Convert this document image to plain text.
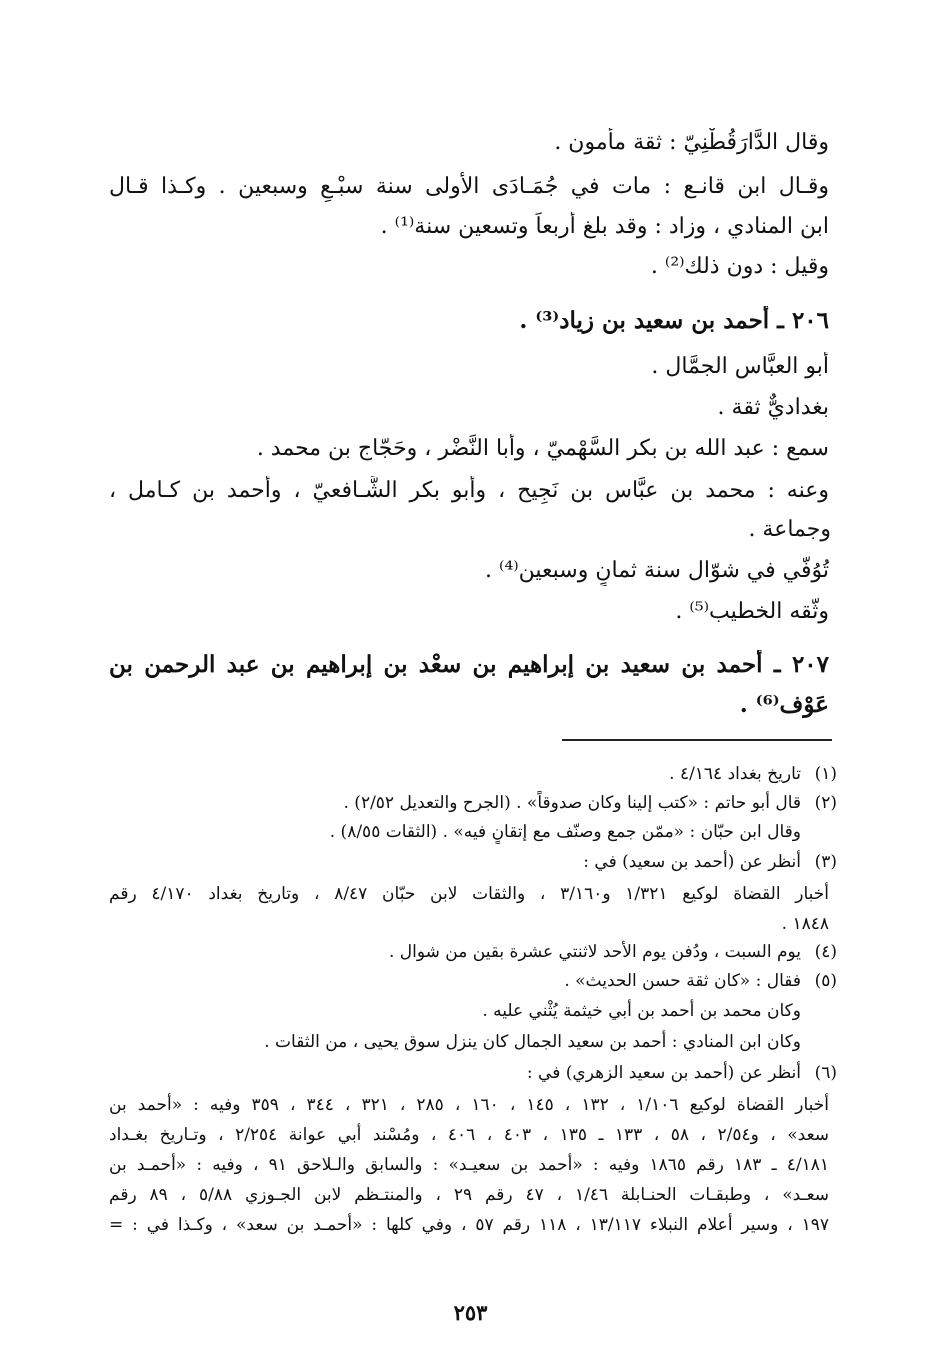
وقال الدَّارَقُطْنِيّ : ثقة مأمون .
وقـال ابن قانـع : مات في جُمَـادَى الأولى سنة سبْـعٍ وسبعين . وكـذا قـال
ابن المنادي ، وزاد : وقد بلغ أربعاً وتسعين سنة⁽¹⁾ .
وقيل : دون ذلك⁽²⁾ .
٢٠٦ ـ أحمد بن سعيد بن زياد⁽³⁾ .
أبو العبَّاس الجمَّال .
بغداديٌّ ثقة .
سمع : عبد الله بن بكر السَّهْميّ ، وأبا النَّضْر ، وحَجّاج بن محمد .
وعنه : محمد بن عبَّاس بن نَجِيح ، وأبو بكر الشَّـافعيّ ، وأحمد بن كـامل ،
وجماعة .
تُوُفّي في شوّال سنة ثمانٍ وسبعين⁽⁴⁾ .
وثّقه الخطيب⁽⁵⁾ .
٢٠٧ ـ أحمد بن سعيد بن إبراهيم بن سعْد بن إبراهيم بن عبد الرحمن بن
عَوْف⁽⁶⁾ .
(١)
تاريخ بغداد ٤/١٦٤ .
(٢)
قال أبو حاتم : «كتب إلينا وكان صدوقاً» . (الجرح والتعديل ٢/٥٢) .
وقال ابن حبّان : «ممّن جمع وصنّف مع إتقانٍ فيه» . (الثقات ٨/٥٥) .
(٣)
أنظر عن (أحمد بن سعيد) في :
أخبار القضاة لوكيع ١/٣٢١ و٣/١٦٠ ، والثقات لابن حبّان ٨/٤٧ ، وتاريخ بغداد ٤/١٧٠ رقم
١٨٤٨ .
(٤)
يوم السبت ، ودُفن يوم الأحد لاثنتي عشرة بقين من شوال .
(٥)
فقال : «كان ثقة حسن الحديث» .
وكان محمد بن أحمد بن أبي خيثمة يُثْني عليه .
وكان ابن المنادي : أحمد بن سعيد الجمال كان ينزل سوق يحيى ، من الثقات .
(٦)
أنظر عن (أحمد بن سعيد الزهري) في :
أخبار القضاة لوكيع ١/١٠٦ ، ١٣٢ ، ١٤٥ ، ١٦٠ ، ٢٨٥ ، ٣٢١ ، ٣٤٤ ، ٣٥٩ وفيه : «أحمد بن
سعد» ، و٢/٥٤ ، ٥٨ ، ١٣٣ ـ ١٣٥ ، ٤٠٣ ، ٤٠٦ ، ومُسْند أبي عوانة ٢/٢٥٤ ، وتـاريخ بغـداد
٤/١٨١ ـ ١٨٣ رقم ١٨٦٥ وفيه : «أحمد بن سعيـد» : والسابق والـلاحق ٩١ ، وفيه : «أحمـد بن
سعـد» ، وطبقـات الحنـابلة ١/٤٦ ، ٤٧ رقم ٢٩ ، والمنتـظم لابن الجـوزي ٥/٨٨ ، ٨٩ رقم
١٩٧ ، وسير أعلام النبلاء ١٣/١١٧ ، ١١٨ رقم ٥٧ ، وفي كلها : «أحمـد بن سعد» ، وكـذا في : =
٢٥٣
